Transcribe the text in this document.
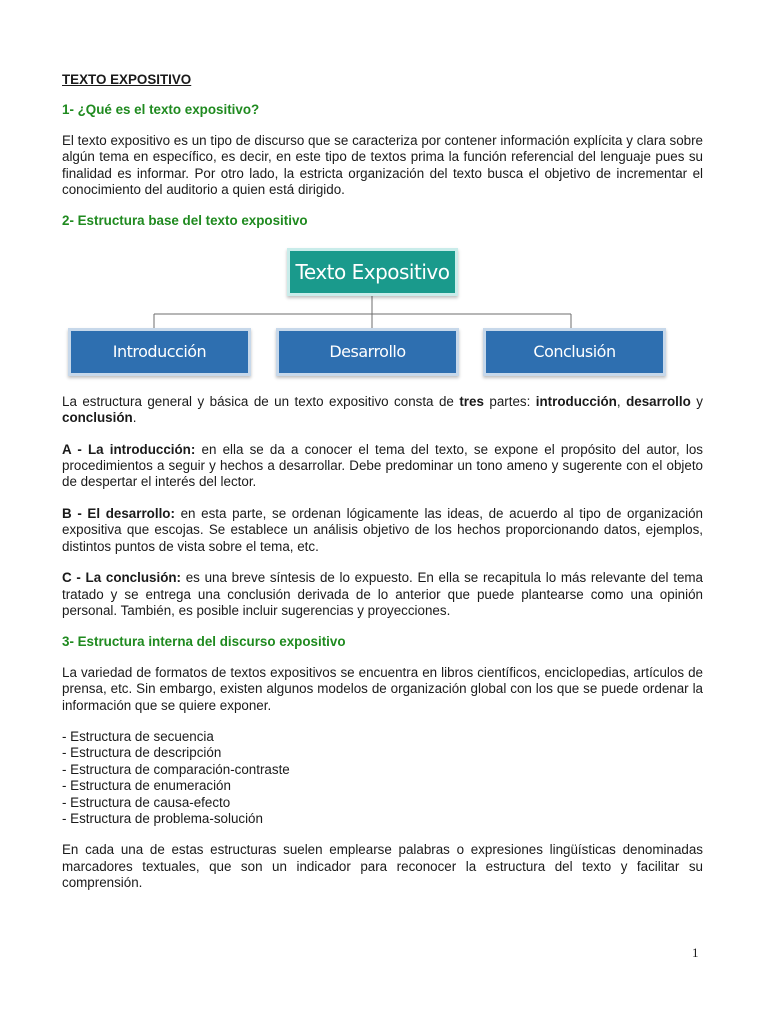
TEXTO EXPOSITIVO
1- ¿Qué es el texto expositivo?

El texto expositivo es un tipo de discurso que se caracteriza por contener información explícita y clara sobre algún tema en específico, es decir, en este tipo de textos prima la función referencial del lenguaje pues su finalidad es informar. Por otro lado, la estricta organización del texto busca el objetivo de incrementar el conocimiento del auditorio a quien está dirigido.

2- Estructura base del texto expositivo
Texto Expositivo
Introducción	Desarrollo	Conclusión

La estructura general y básica de un texto expositivo consta de tres partes: introducción, desarrollo y conclusión.

A - La introducción: en ella se da a conocer el tema del texto, se expone el propósito del autor, los procedimientos a seguir y hechos a desarrollar. Debe predominar un tono ameno y sugerente con el objeto de despertar el interés del lector.

B - El desarrollo: en esta parte, se ordenan lógicamente las ideas, de acuerdo al tipo de organización expositiva que escojas. Se establece un análisis objetivo de los hechos proporcionando datos, ejemplos, distintos puntos de vista sobre el tema, etc.

C - La conclusión: es una breve síntesis de lo expuesto. En ella se recapitula lo más relevante del tema tratado y se entrega una conclusión derivada de lo anterior que puede plantearse como una opinión personal. También, es posible incluir sugerencias y proyecciones.

3- Estructura interna del discurso expositivo

La variedad de formatos de textos expositivos se encuentra en libros científicos, enciclopedias, artículos de prensa, etc. Sin embargo, existen algunos modelos de organización global con los que se puede ordenar la información que se quiere exponer.

- Estructura de secuencia
- Estructura de descripción
- Estructura de comparación-contraste
- Estructura de enumeración
- Estructura de causa-efecto
- Estructura de problema-solución

En cada una de estas estructuras suelen emplearse palabras o expresiones lingüísticas denominadas marcadores textuales, que son un indicador para reconocer la estructura del texto y facilitar su comprensión.

1
